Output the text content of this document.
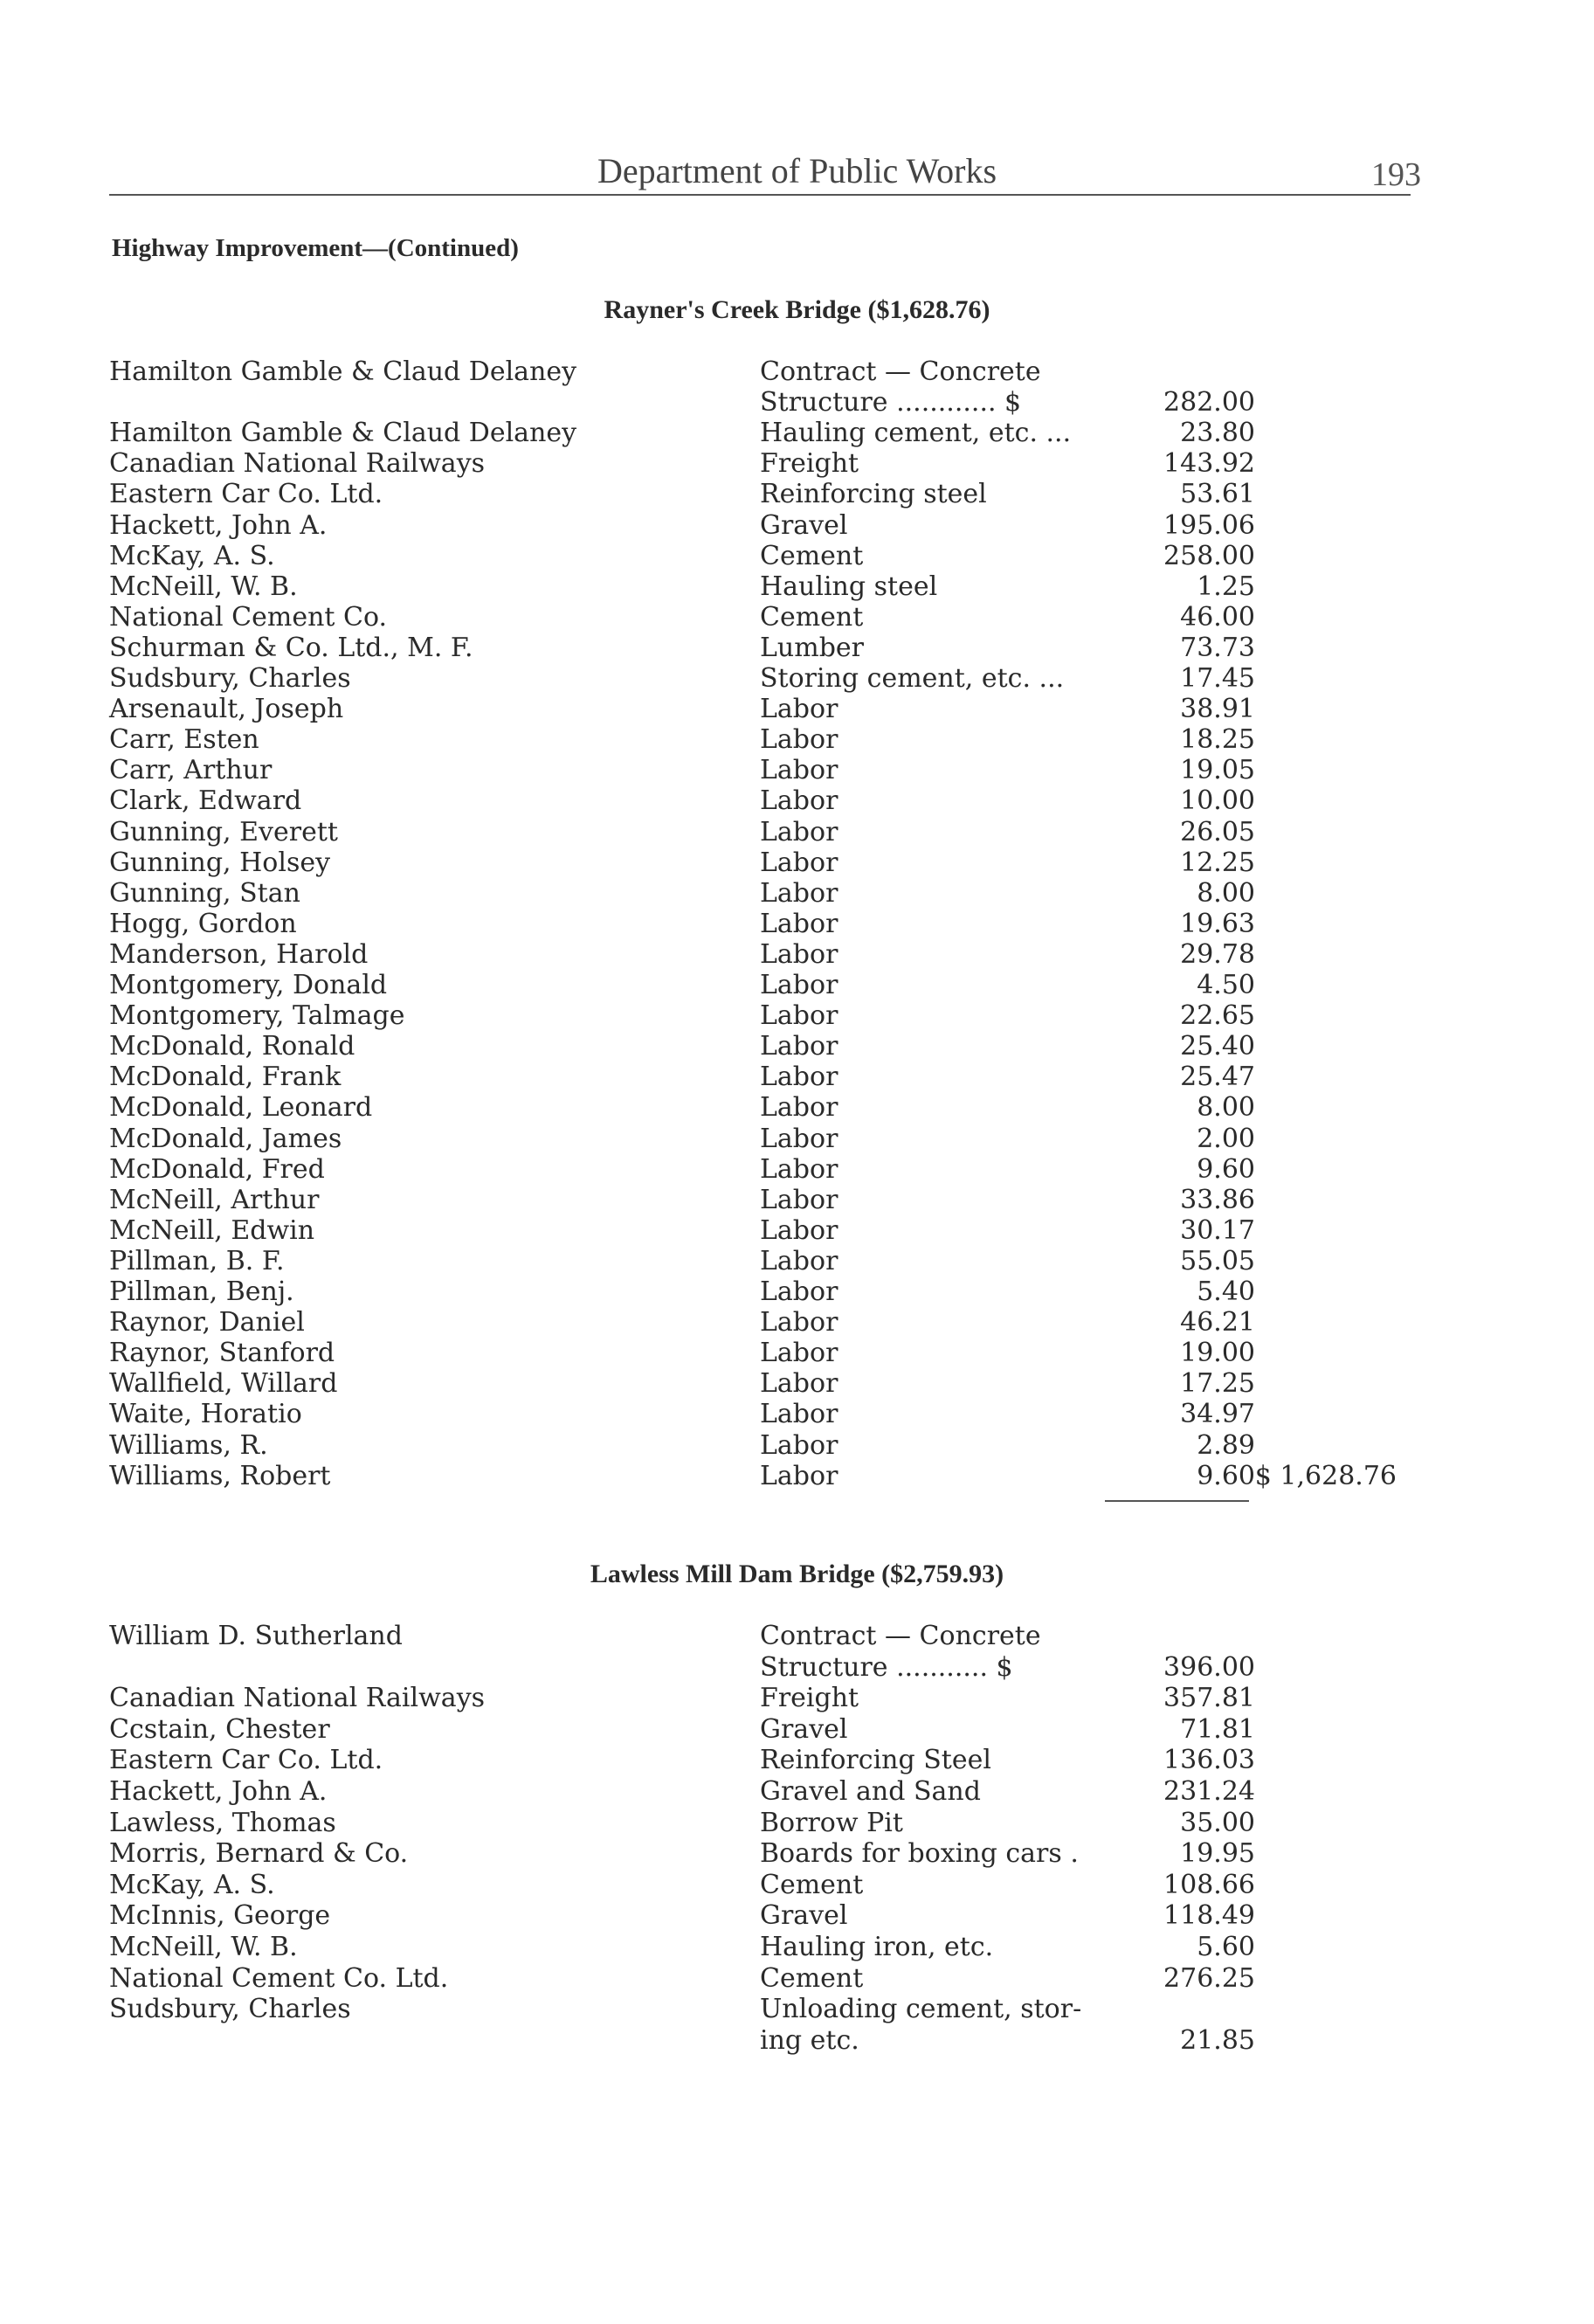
Department of Public Works	193
Highway Improvement—(Continued)
Rayner's Creek Bridge ($1,628.76)
Hamilton Gamble & Claud Delaney	Contract — Concrete
Structure ............ $	282.00
Hamilton Gamble & Claud Delaney	Hauling cement, etc. ...	23.80
Canadian National Railways	Freight	143.92
Eastern Car Co. Ltd.	Reinforcing steel	53.61
Hackett, John A.	Gravel	195.06
McKay, A. S.	Cement	258.00
McNeill, W. B.	Hauling steel	1.25
National Cement Co.	Cement	46.00
Schurman & Co. Ltd., M. F.	Lumber	73.73
Sudsbury, Charles	Storing cement, etc. ...	17.45
Arsenault, Joseph	Labor	38.91
Carr, Esten	Labor	18.25
Carr, Arthur	Labor	19.05
Clark, Edward	Labor	10.00
Gunning, Everett	Labor	26.05
Gunning, Holsey	Labor	12.25
Gunning, Stan	Labor	8.00
Hogg, Gordon	Labor	19.63
Manderson, Harold	Labor	29.78
Montgomery, Donald	Labor	4.50
Montgomery, Talmage	Labor	22.65
McDonald, Ronald	Labor	25.40
McDonald, Frank	Labor	25.47
McDonald, Leonard	Labor	8.00
McDonald, James	Labor	2.00
McDonald, Fred	Labor	9.60
McNeill, Arthur	Labor	33.86
McNeill, Edwin	Labor	30.17
Pillman, B. F.	Labor	55.05
Pillman, Benj.	Labor	5.40
Raynor, Daniel	Labor	46.21
Raynor, Stanford	Labor	19.00
Wallfield, Willard	Labor	17.25
Waite, Horatio	Labor	34.97
Williams, R.	Labor	2.89
Williams, Robert	Labor	9.60 $ 1,628.76
Lawless Mill Dam Bridge ($2,759.93)
William D. Sutherland	Contract — Concrete
Structure ........... $	396.00
Canadian National Railways	Freight	357.81
Ccstain, Chester	Gravel	71.81
Eastern Car Co. Ltd.	Reinforcing Steel	136.03
Hackett, John A.	Gravel and Sand	231.24
Lawless, Thomas	Borrow Pit	35.00
Morris, Bernard & Co.	Boards for boxing cars .	19.95
McKay, A. S.	Cement	108.66
McInnis, George	Gravel	118.49
McNeill, W. B.	Hauling iron, etc.	5.60
National Cement Co. Ltd.	Cement	276.25
Sudsbury, Charles	Unloading cement, stor-
ing etc.	21.85
